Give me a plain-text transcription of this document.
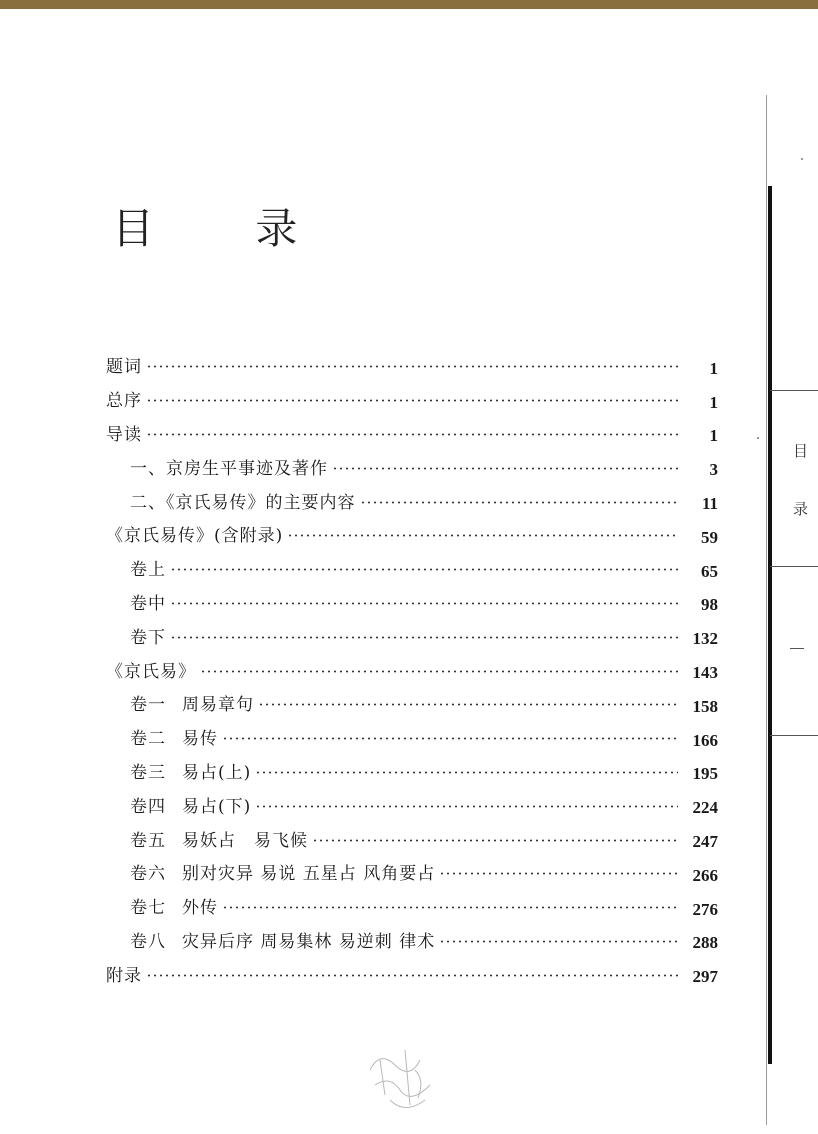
目 录
题词	1
总序	1
导读	1
一、京房生平事迹及著作	3
二、《京氏易传》的主要内容	11
《京氏易传》(含附录)	59
卷上	65
卷中	98
卷下	132
《京氏易》	143
卷一 周易章句	158
卷二 易传	166
卷三 易占(上)	195
卷四 易占(下)	224
卷五 易妖占　易飞候	247
卷六 别对灾异 易说 五星占 风角要占	266
卷七 外传	276
卷八 灾异后序 周易集林 易逆刺 律术	288
附录	297
目
录
